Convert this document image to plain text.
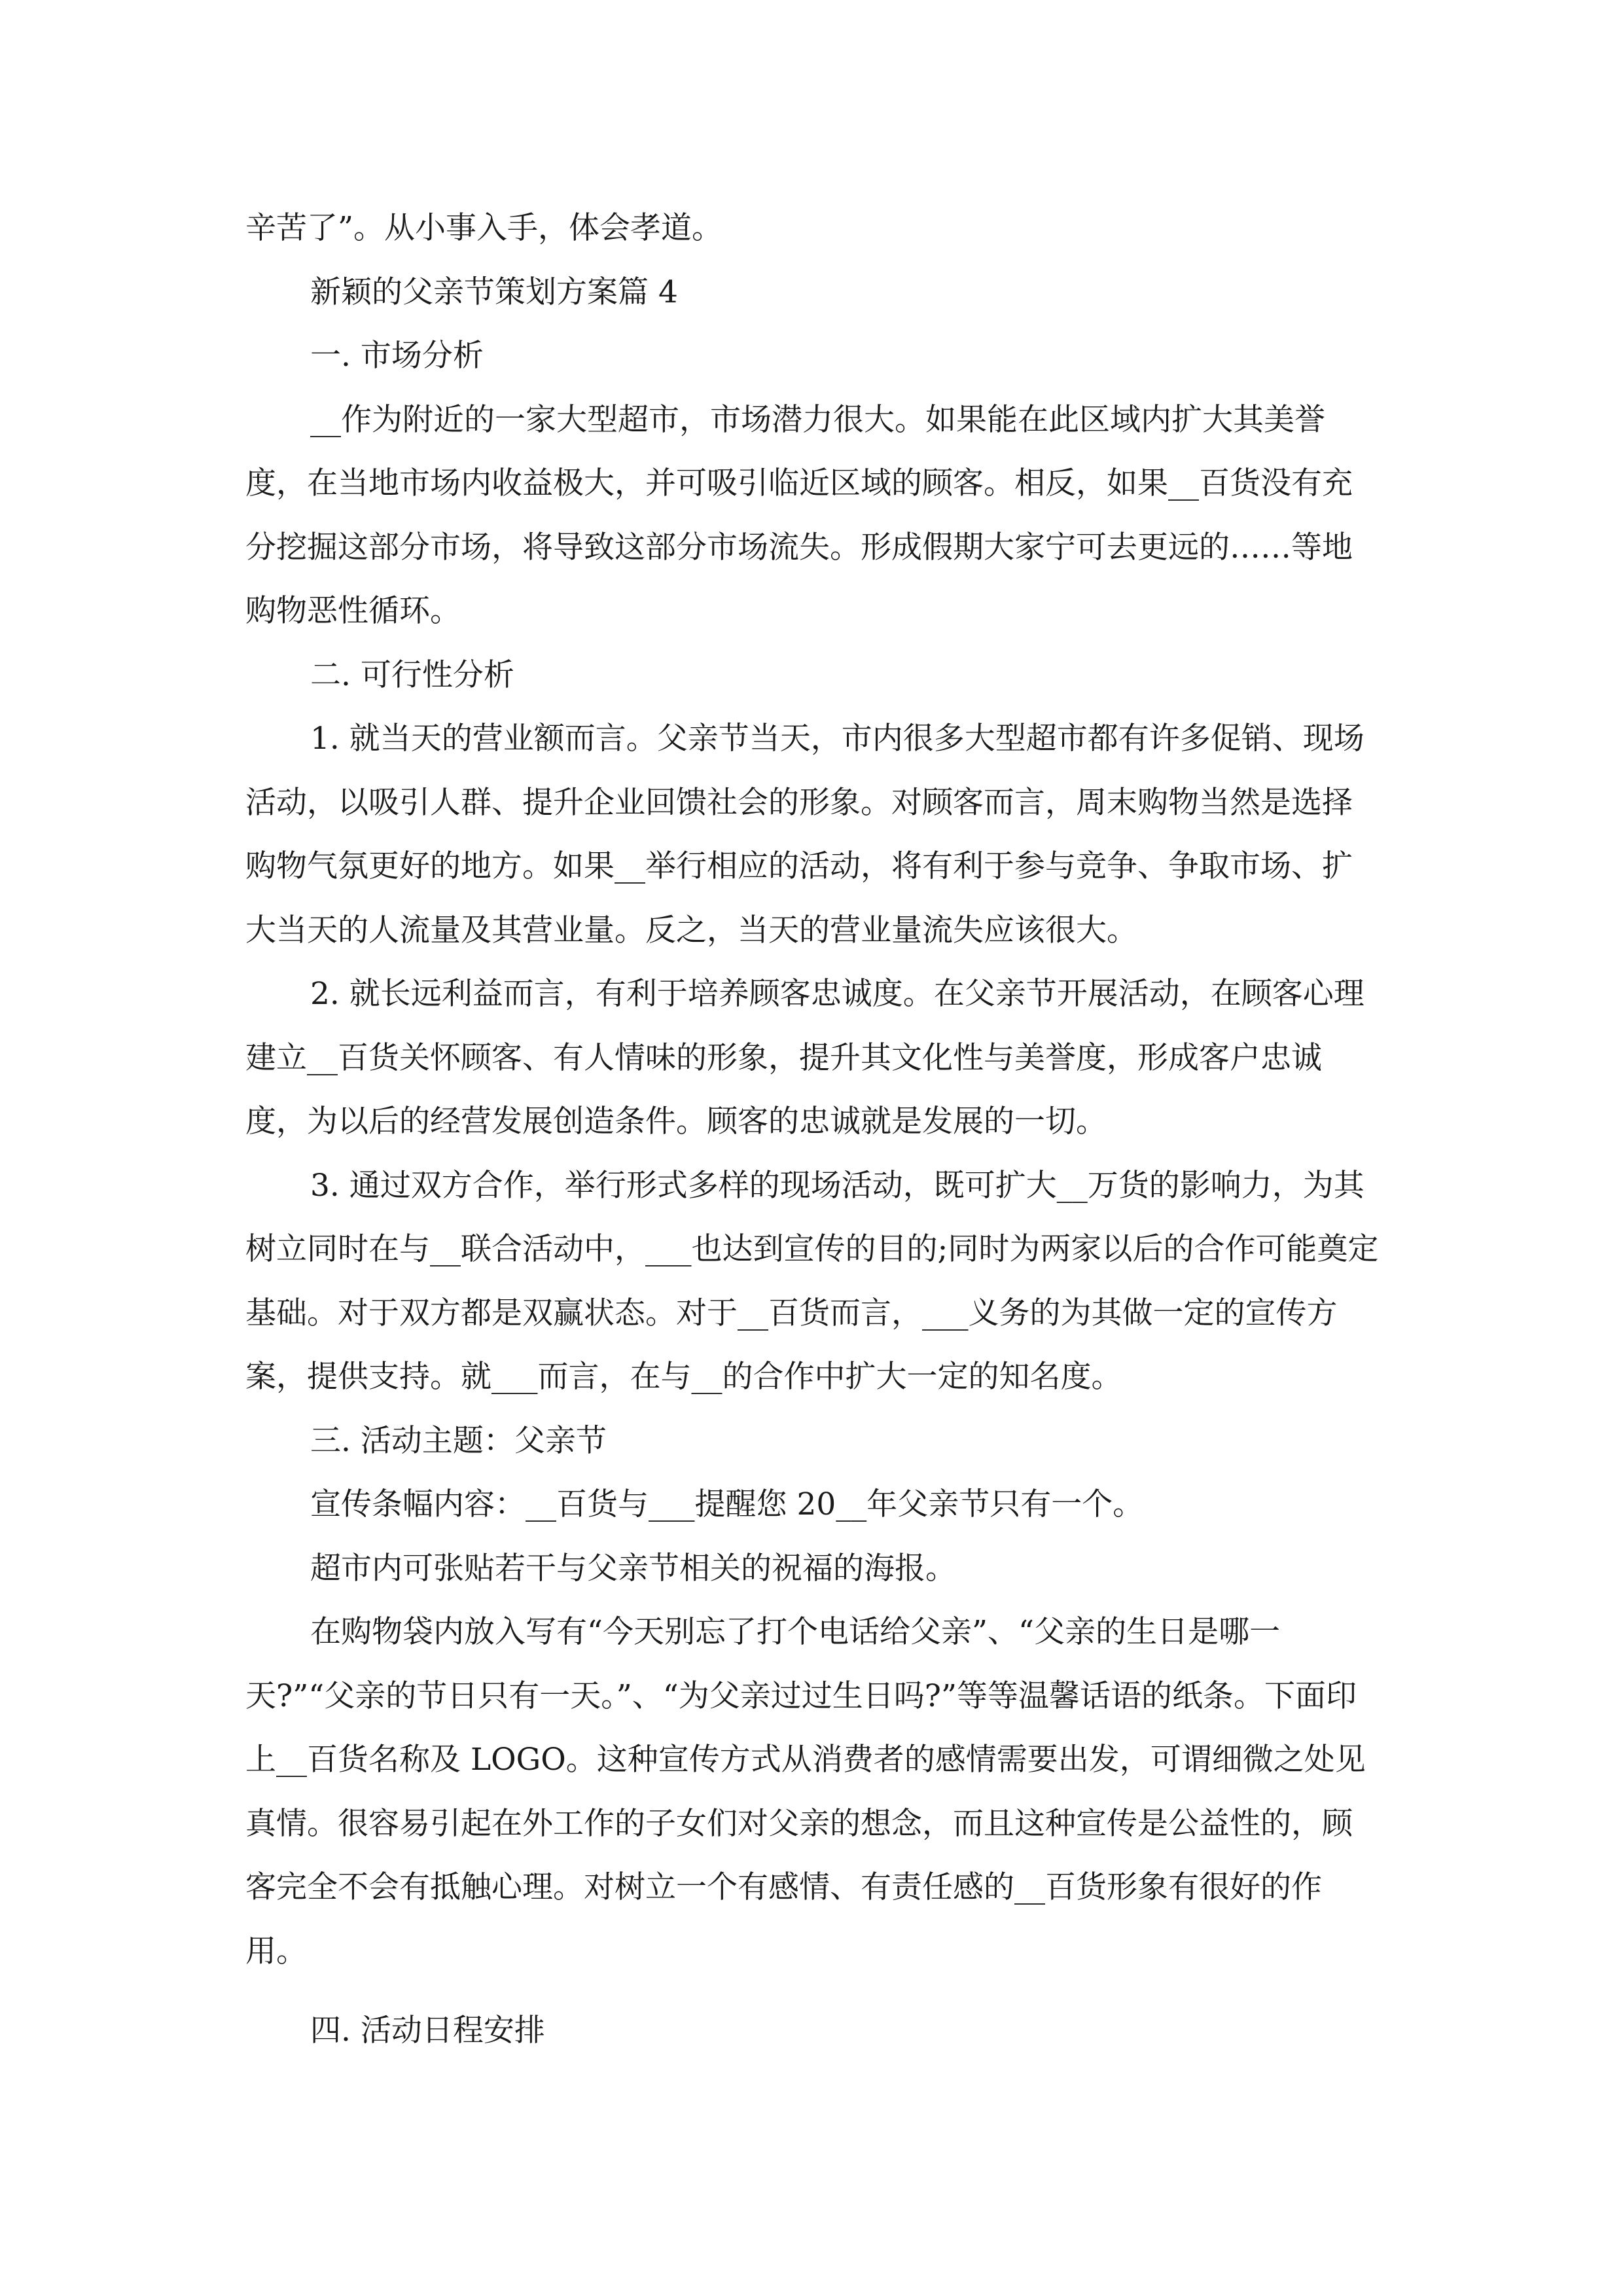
辛苦了”。从小事入手，体会孝道。

新颖的父亲节策划方案篇 4

一. 市场分析

__作为附近的一家大型超市，市场潜力很大。如果能在此区域内扩大其美誉度，在当地市场内收益极大，并可吸引临近区域的顾客。相反，如果__百货没有充分挖掘这部分市场，将导致这部分市场流失。形成假期大家宁可去更远的……等地购物恶性循环。

二. 可行性分析

1. 就当天的营业额而言。父亲节当天，市内很多大型超市都有许多促销、现场活动，以吸引人群、提升企业回馈社会的形象。对顾客而言，周末购物当然是选择购物气氛更好的地方。如果__举行相应的活动，将有利于参与竞争、争取市场、扩大当天的人流量及其营业量。反之，当天的营业量流失应该很大。

2. 就长远利益而言，有利于培养顾客忠诚度。在父亲节开展活动，在顾客心理建立__百货关怀顾客、有人情味的形象，提升其文化性与美誉度，形成客户忠诚度，为以后的经营发展创造条件。顾客的忠诚就是发展的一切。

3. 通过双方合作，举行形式多样的现场活动，既可扩大__万货的影响力，为其树立同时在与__联合活动中，___也达到宣传的目的;同时为两家以后的合作可能奠定基础。对于双方都是双赢状态。对于__百货而言，___义务的为其做一定的宣传方案，提供支持。就___而言，在与__的合作中扩大一定的知名度。

三. 活动主题：父亲节

宣传条幅内容：__百货与___提醒您 20__年父亲节只有一个。

超市内可张贴若干与父亲节相关的祝福的海报。

在购物袋内放入写有“今天别忘了打个电话给父亲”、“父亲的生日是哪一天?”“父亲的节日只有一天。”、“为父亲过过生日吗?”等等温馨话语的纸条。下面印上__百货名称及 LOGO。这种宣传方式从消费者的感情需要出发，可谓细微之处见真情。很容易引起在外工作的子女们对父亲的想念，而且这种宣传是公益性的，顾客完全不会有抵触心理。对树立一个有感情、有责任感的__百货形象有很好的作用。

四. 活动日程安排
